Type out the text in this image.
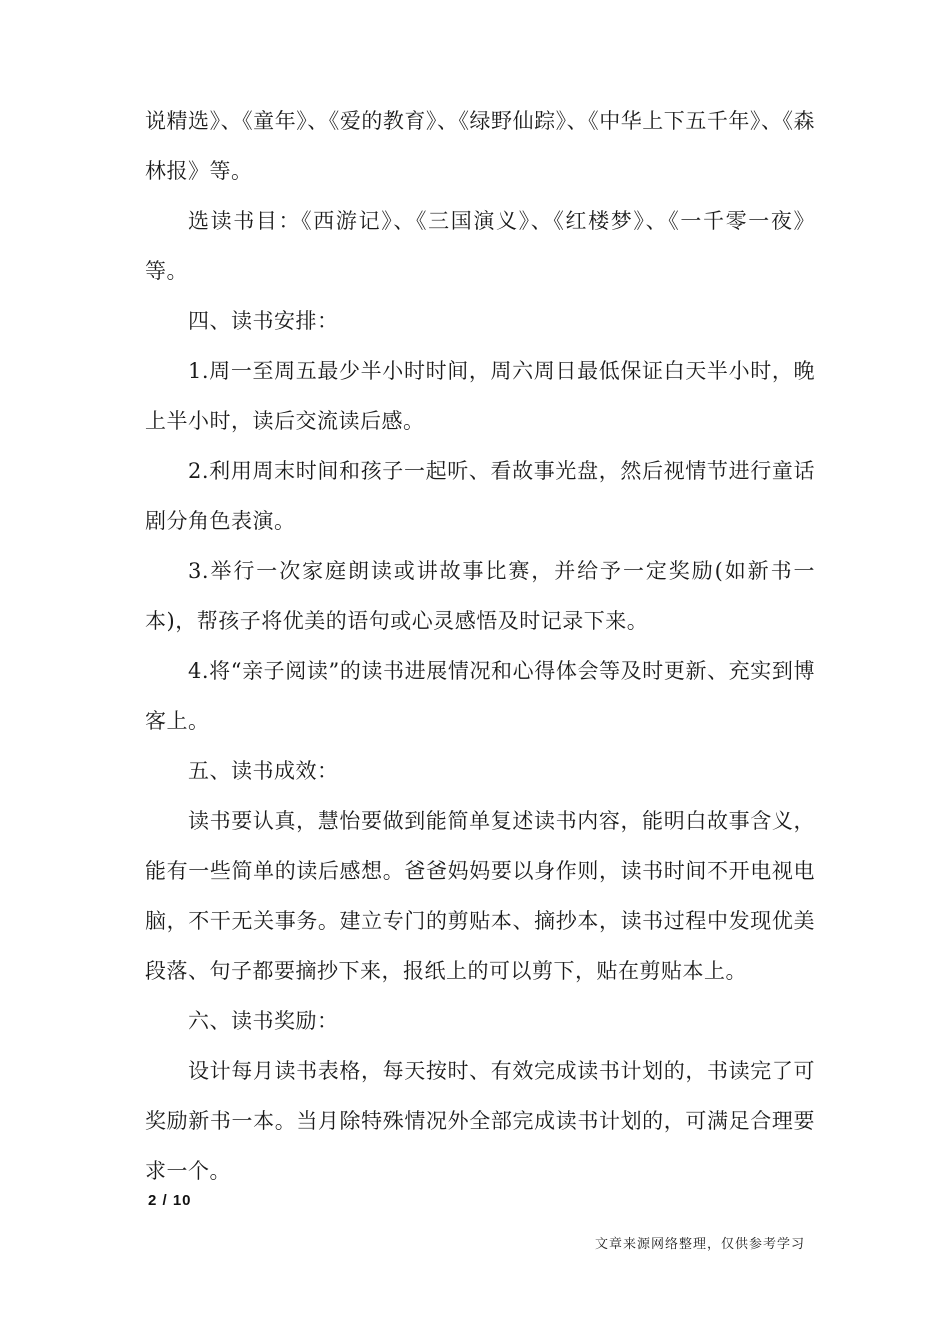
说精选》、《童年》、《爱的教育》、《绿野仙踪》、《中华上下五千年》、《森林报》等。

选读书目：《西游记》、《三国演义》、《红楼梦》、《一千零一夜》等。

四、读书安排：

1.周一至周五最少半小时时间，周六周日最低保证白天半小时，晚上半小时，读后交流读后感。

2.利用周末时间和孩子一起听、看故事光盘，然后视情节进行童话剧分角色表演。

3.举行一次家庭朗读或讲故事比赛，并给予一定奖励(如新书一本)，帮孩子将优美的语句或心灵感悟及时记录下来。

4.将“亲子阅读”的读书进展情况和心得体会等及时更新、充实到博客上。

五、读书成效：

读书要认真，慧怡要做到能简单复述读书内容，能明白故事含义，能有一些简单的读后感想。爸爸妈妈要以身作则，读书时间不开电视电脑，不干无关事务。建立专门的剪贴本、摘抄本，读书过程中发现优美段落、句子都要摘抄下来，报纸上的可以剪下，贴在剪贴本上。

六、读书奖励：

设计每月读书表格，每天按时、有效完成读书计划的，书读完了可奖励新书一本。当月除特殊情况外全部完成读书计划的，可满足合理要求一个。

2 / 10
文章来源网络整理，仅供参考学习
